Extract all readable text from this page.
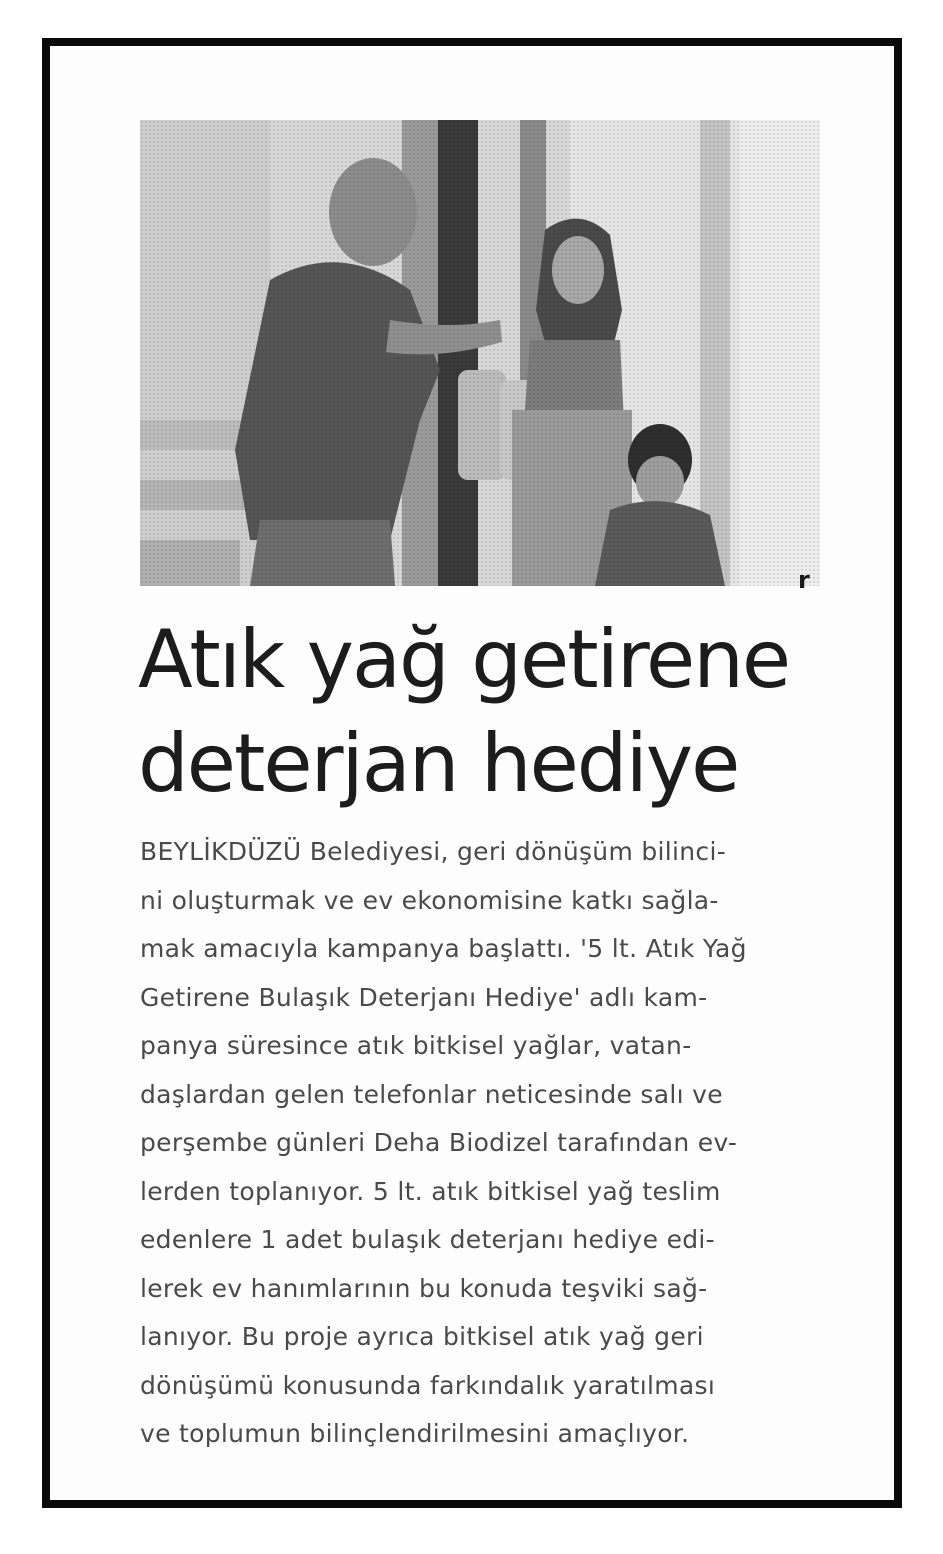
r
Atık yağ getirene
deterjan hediye

BEYLİKDÜZÜ Belediyesi, geri dönüşüm bilinci-
ni oluşturmak ve ev ekonomisine katkı sağla-
mak amacıyla kampanya başlattı. '5 lt. Atık Yağ
Getirene Bulaşık Deterjanı Hediye' adlı kam-
panya süresince atık bitkisel yağlar, vatan-
daşlardan gelen telefonlar neticesinde salı ve
perşembe günleri Deha Biodizel tarafından ev-
lerden toplanıyor. 5 lt. atık bitkisel yağ teslim
edenlere 1 adet bulaşık deterjanı hediye edi-
lerek ev hanımlarının bu konuda teşviki sağ-
lanıyor. Bu proje ayrıca bitkisel atık yağ geri
dönüşümü konusunda farkındalık yaratılması
ve toplumun bilinçlendirilmesini amaçlıyor.
